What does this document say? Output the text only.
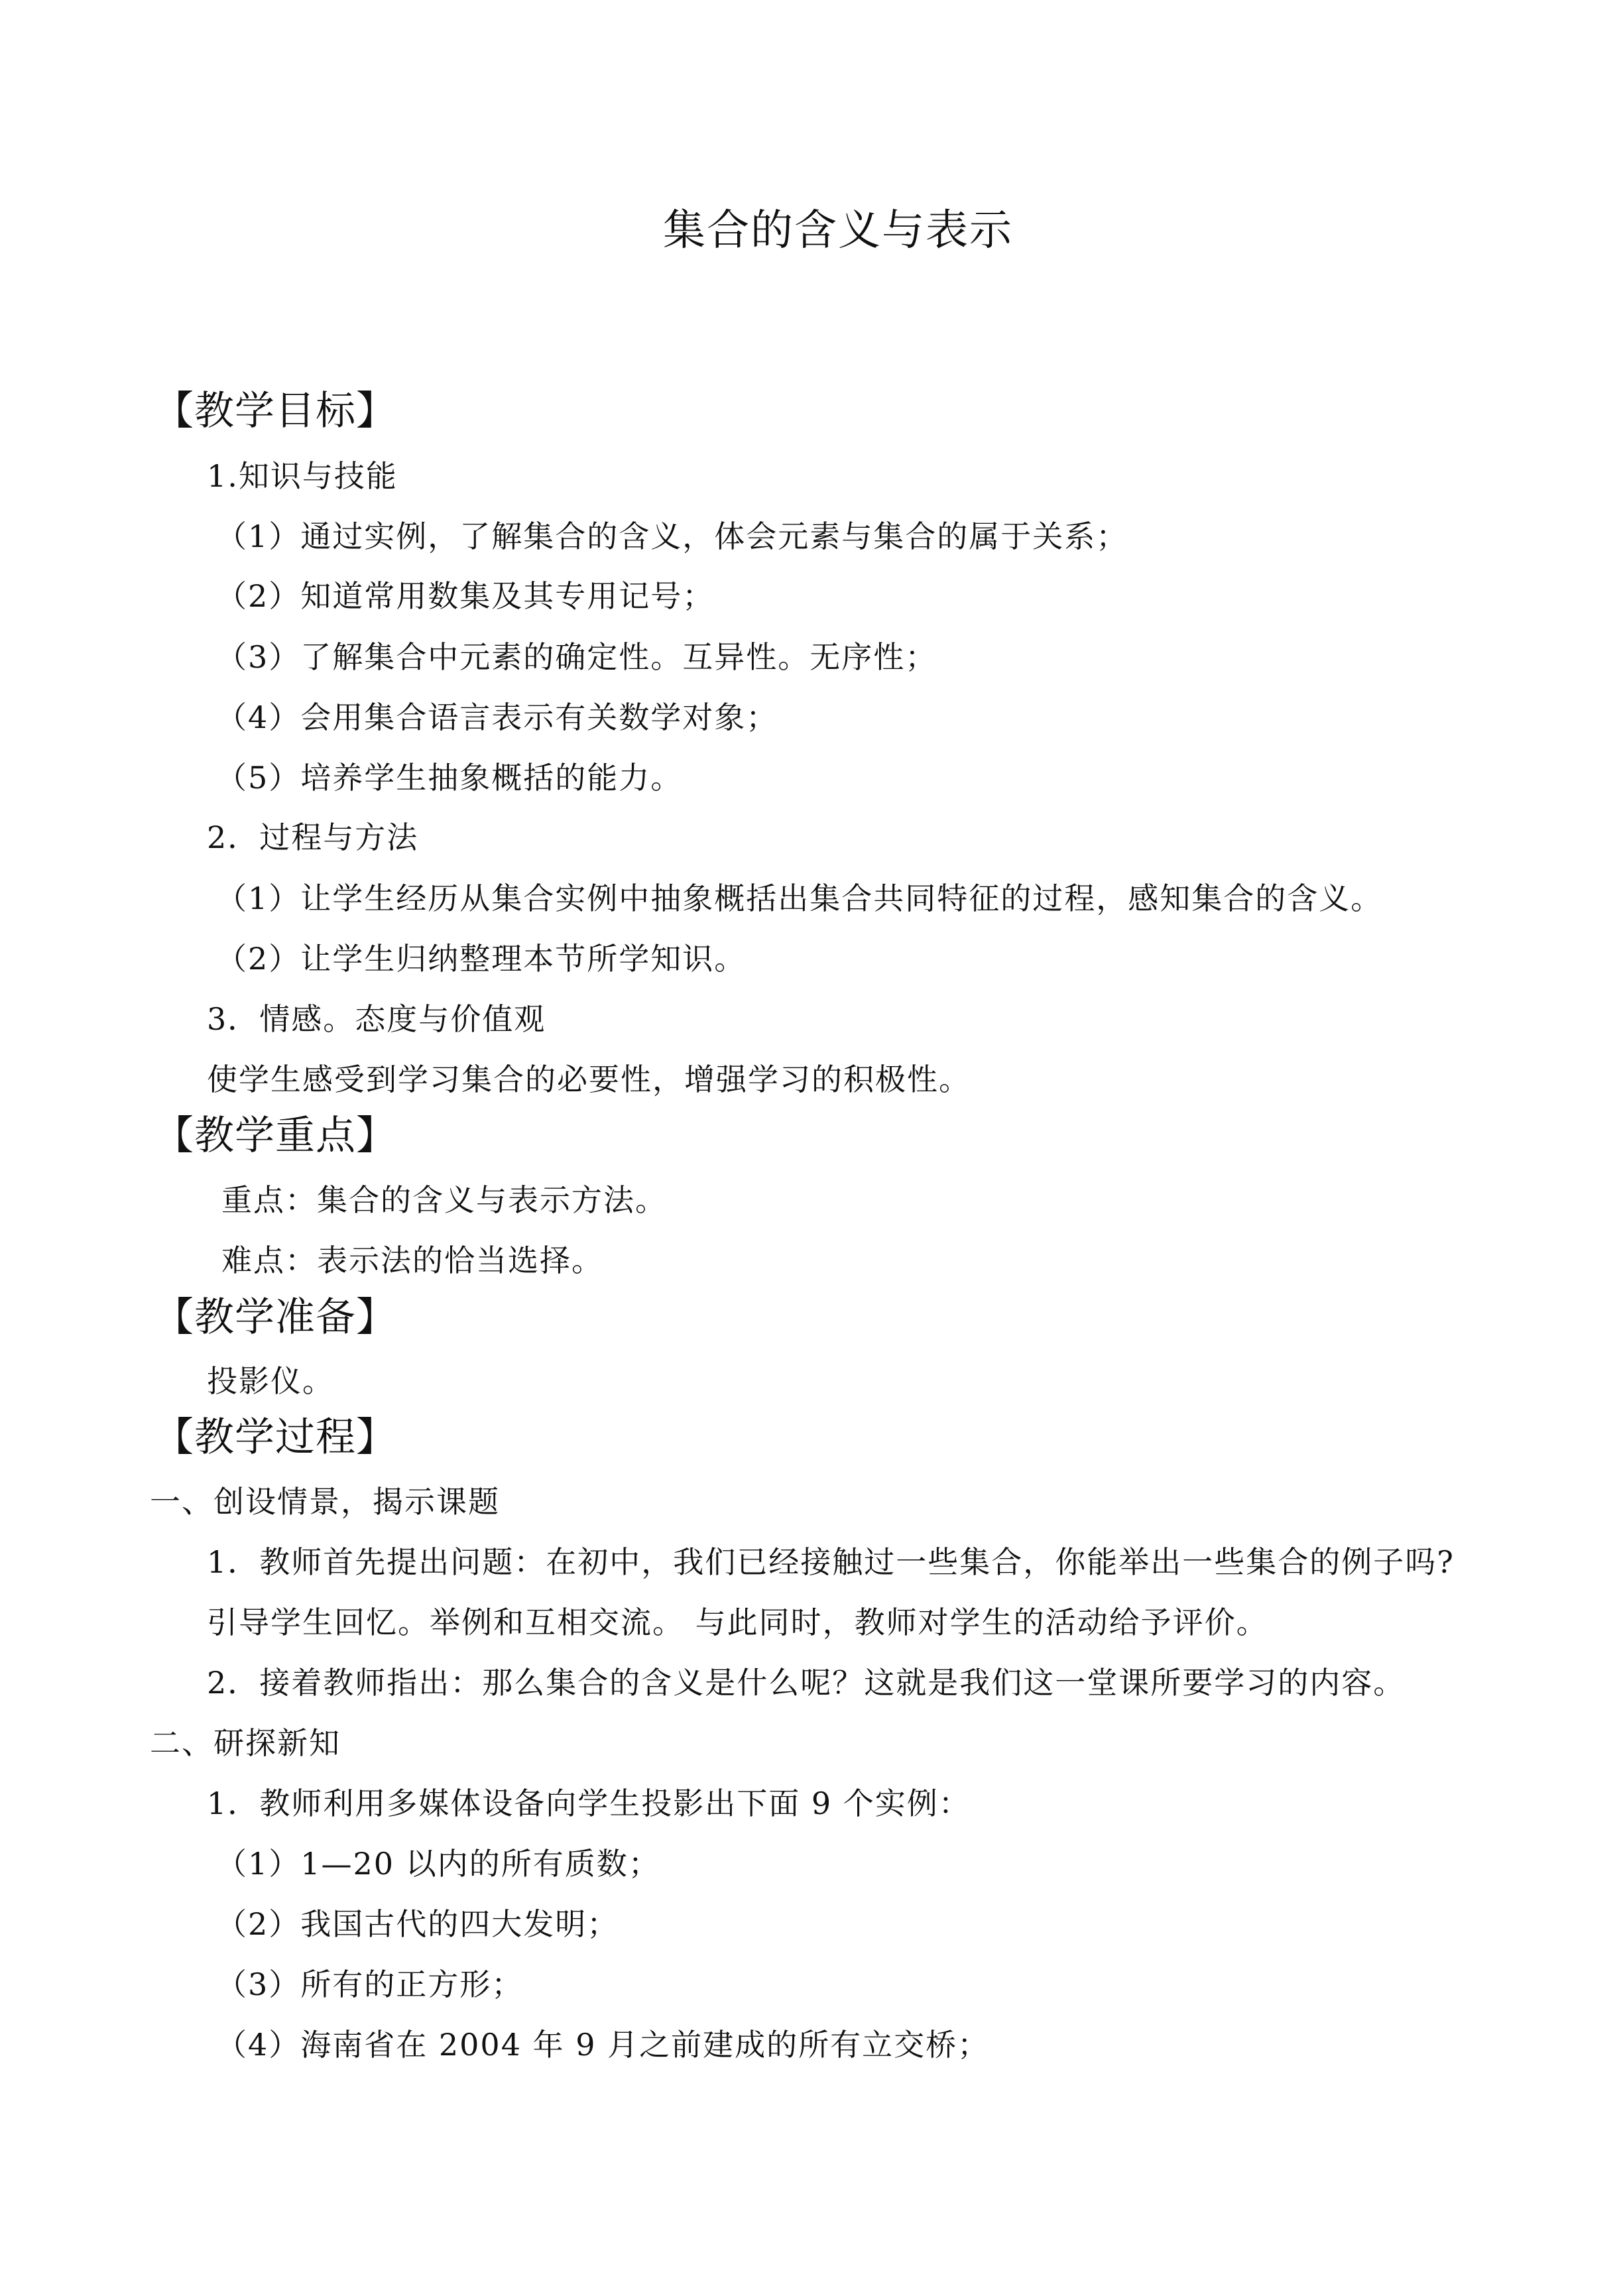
集合的含义与表示
【教学目标】
1.知识与技能
（1）通过实例，了解集合的含义，体会元素与集合的属于关系；
（2）知道常用数集及其专用记号；
（3）了解集合中元素的确定性。互异性。无序性；
（4）会用集合语言表示有关数学对象；
（5）培养学生抽象概括的能力。
2．过程与方法
（1）让学生经历从集合实例中抽象概括出集合共同特征的过程，感知集合的含义。
（2）让学生归纳整理本节所学知识。
3．情感。态度与价值观
使学生感受到学习集合的必要性，增强学习的积极性。
【教学重点】
重点：集合的含义与表示方法。
难点：表示法的恰当选择。
【教学准备】
投影仪。
【教学过程】
一、创设情景，揭示课题
1．教师首先提出问题：在初中，我们已经接触过一些集合，你能举出一些集合的例子吗?
引导学生回忆。举例和互相交流。 与此同时，教师对学生的活动给予评价。
2．接着教师指出：那么集合的含义是什么呢？这就是我们这一堂课所要学习的内容。
二、研探新知
1．教师利用多媒体设备向学生投影出下面 9 个实例：
（1）1—20 以内的所有质数；
（2）我国古代的四大发明；
（3）所有的正方形；
（4）海南省在 2004 年 9 月之前建成的所有立交桥；
